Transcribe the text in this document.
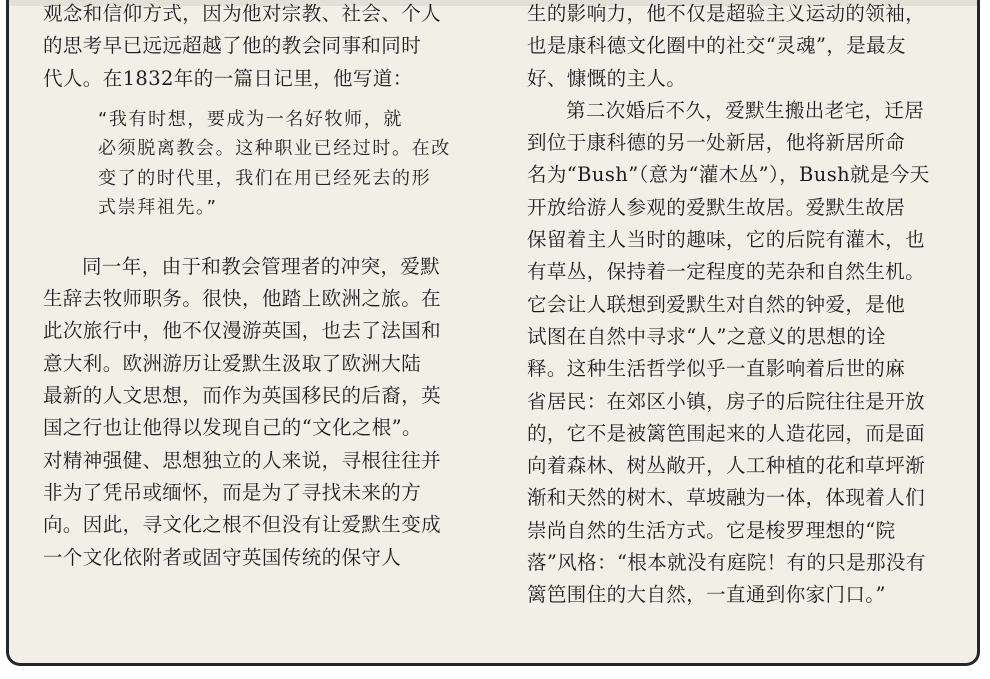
观念和信仰方式，因为他对宗教、社会、个人
的思考早已远远超越了他的教会同事和同时
代人。在1832年的一篇日记里，他写道：
“我有时想，要成为一名好牧师，就
必须脱离教会。这种职业已经过时。在改
变了的时代里，我们在用已经死去的形
式崇拜祖先。”
同一年，由于和教会管理者的冲突，爱默
生辞去牧师职务。很快，他踏上欧洲之旅。在
此次旅行中，他不仅漫游英国，也去了法国和
意大利。欧洲游历让爱默生汲取了欧洲大陆
最新的人文思想，而作为英国移民的后裔，英
国之行也让他得以发现自己的“文化之根”。
对精神强健、思想独立的人来说，寻根往往并
非为了凭吊或缅怀，而是为了寻找未来的方
向。因此，寻文化之根不但没有让爱默生变成
一个文化依附者或固守英国传统的保守人
生的影响力，他不仅是超验主义运动的领袖，
也是康科德文化圈中的社交“灵魂”，是最友
好、慷慨的主人。
第二次婚后不久，爱默生搬出老宅，迁居
到位于康科德的另一处新居，他将新居所命
名为“Bush”（意为“灌木丛”），Bush就是今天
开放给游人参观的爱默生故居。爱默生故居
保留着主人当时的趣味，它的后院有灌木，也
有草丛，保持着一定程度的芜杂和自然生机。
它会让人联想到爱默生对自然的钟爱，是他
试图在自然中寻求“人”之意义的思想的诠
释。这种生活哲学似乎一直影响着后世的麻
省居民：在郊区小镇，房子的后院往往是开放
的，它不是被篱笆围起来的人造花园，而是面
向着森林、树丛敞开，人工种植的花和草坪渐
渐和天然的树木、草坡融为一体，体现着人们
崇尚自然的生活方式。它是梭罗理想的“院
落”风格：“根本就没有庭院！有的只是那没有
篱笆围住的大自然，一直通到你家门口。”
